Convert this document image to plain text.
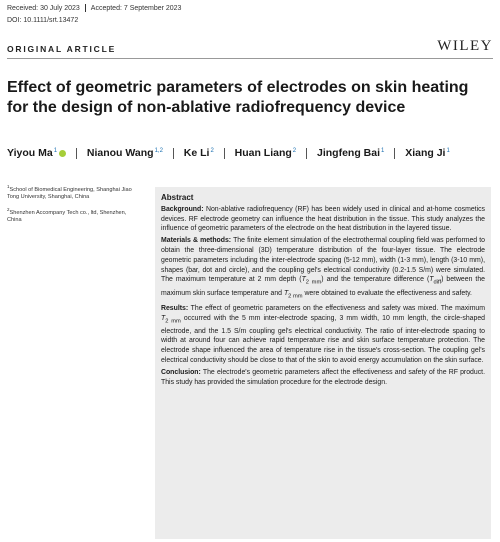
Received: 30 July 2023 Accepted: 7 September 2023
DOI: 10.1111/srt.13472
ORIGINAL ARTICLE	WILEY
Effect of geometric parameters of electrodes on skin heating for the design of non-ablative radiofrequency device
Yiyou Ma$^1$	Nianou Wang$^{1,2}$ Ke Li$^2$ Huan Liang$^2$ Jingfeng Bai$^1$ Xiang Ji$^1$

$^1$School of Biomedical Engineering, Shanghai Jiao Tong University, Shanghai, China

$^2$Shenzhen Accompany Tech co., ltd, Shenzhen, China

Abstract

Background: Non-ablative radiofrequency (RF) has been widely used in clinical and at-home cosmetics devices. RF electrode geometry can influence the heat distribution in the tissue. This study analyzes the influence of geometric parameters of the electrode on the heat distribution in the layered tissue.

Materials & methods: The finite element simulation of the electrothermal coupling field was performed to obtain the three-dimensional (3D) temperature distribution of the four-layer tissue. The electrode geometric parameters including the inter-electrode spacing (5-12 mm), width (1-3 mm), length (3-10 mm), shapes (bar, dot and circle), and the coupling gel's electrical conductivity (0.2-1.5 S/m) were simulated. The maximum temperature at 2 mm depth $(T_{2 mm})$ and the temperature difference $(T_{diff})$ between the maximum skin surface temperature and $T_{2 mm}$ were obtained to evaluate the effectiveness and safety.

Results: The effect of geometric parameters on the effectiveness and safety was mixed. The maximum $T_{2 mm}$ occurred with the 5 mm inter-electrode spacing, 3 mm width, 10 mm length, the circle-shaped electrode, and the 1.5 S/m coupling gel's electrical conductivity. The ratio of inter-electrode spacing to width at around four can achieve rapid temperature rise and skin surface temperature protection. The electrode shape influenced the area of temperature rise in the tissue's cross-section. The coupling gel's electrical conductivity should be close to that of the skin to avoid energy accumulation on the skin surface.

Conclusion: The electrode's geometric parameters affect the effectiveness and safety of the RF product. This study has provided the simulation procedure for the electrode design.
